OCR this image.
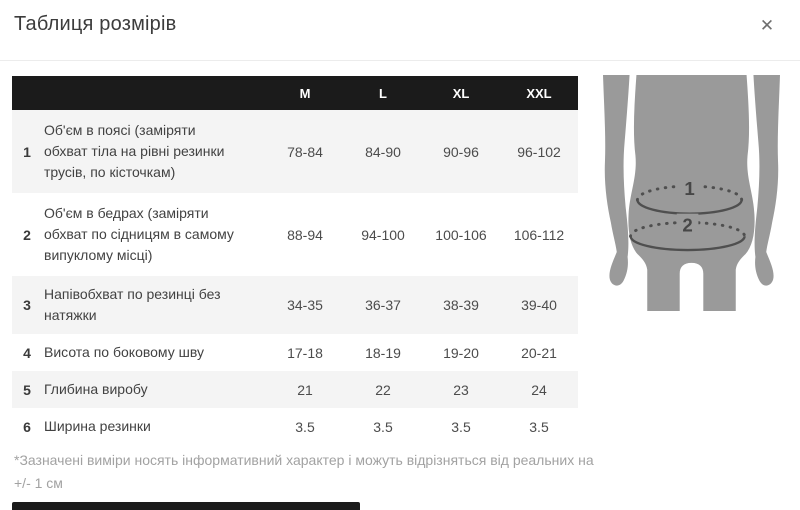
Таблиця розмірів	✕
		M	L	XL	XXL
1	Об'єм в поясі (заміряти обхват тіла на рівні резинки трусів, по кісточкам)	78-84	84-90	90-96	96-102
2	Об'єм в бедрах (заміряти обхват по сідницям в самому випуклому місці)	88-94	94-100	100-106	106-112
3	Напівобхват по резинці без натяжки	34-35	36-37	38-39	39-40
4	Висота по боковому шву	17-18	18-19	19-20	20-21
5	Глибина виробу	21	22	23	24
6	Ширина резинки	3.5	3.5	3.5	3.5
*Зазначені виміри носять інформативний характер і можуть відрізняться від реальних на +/- 1 см
1
2
